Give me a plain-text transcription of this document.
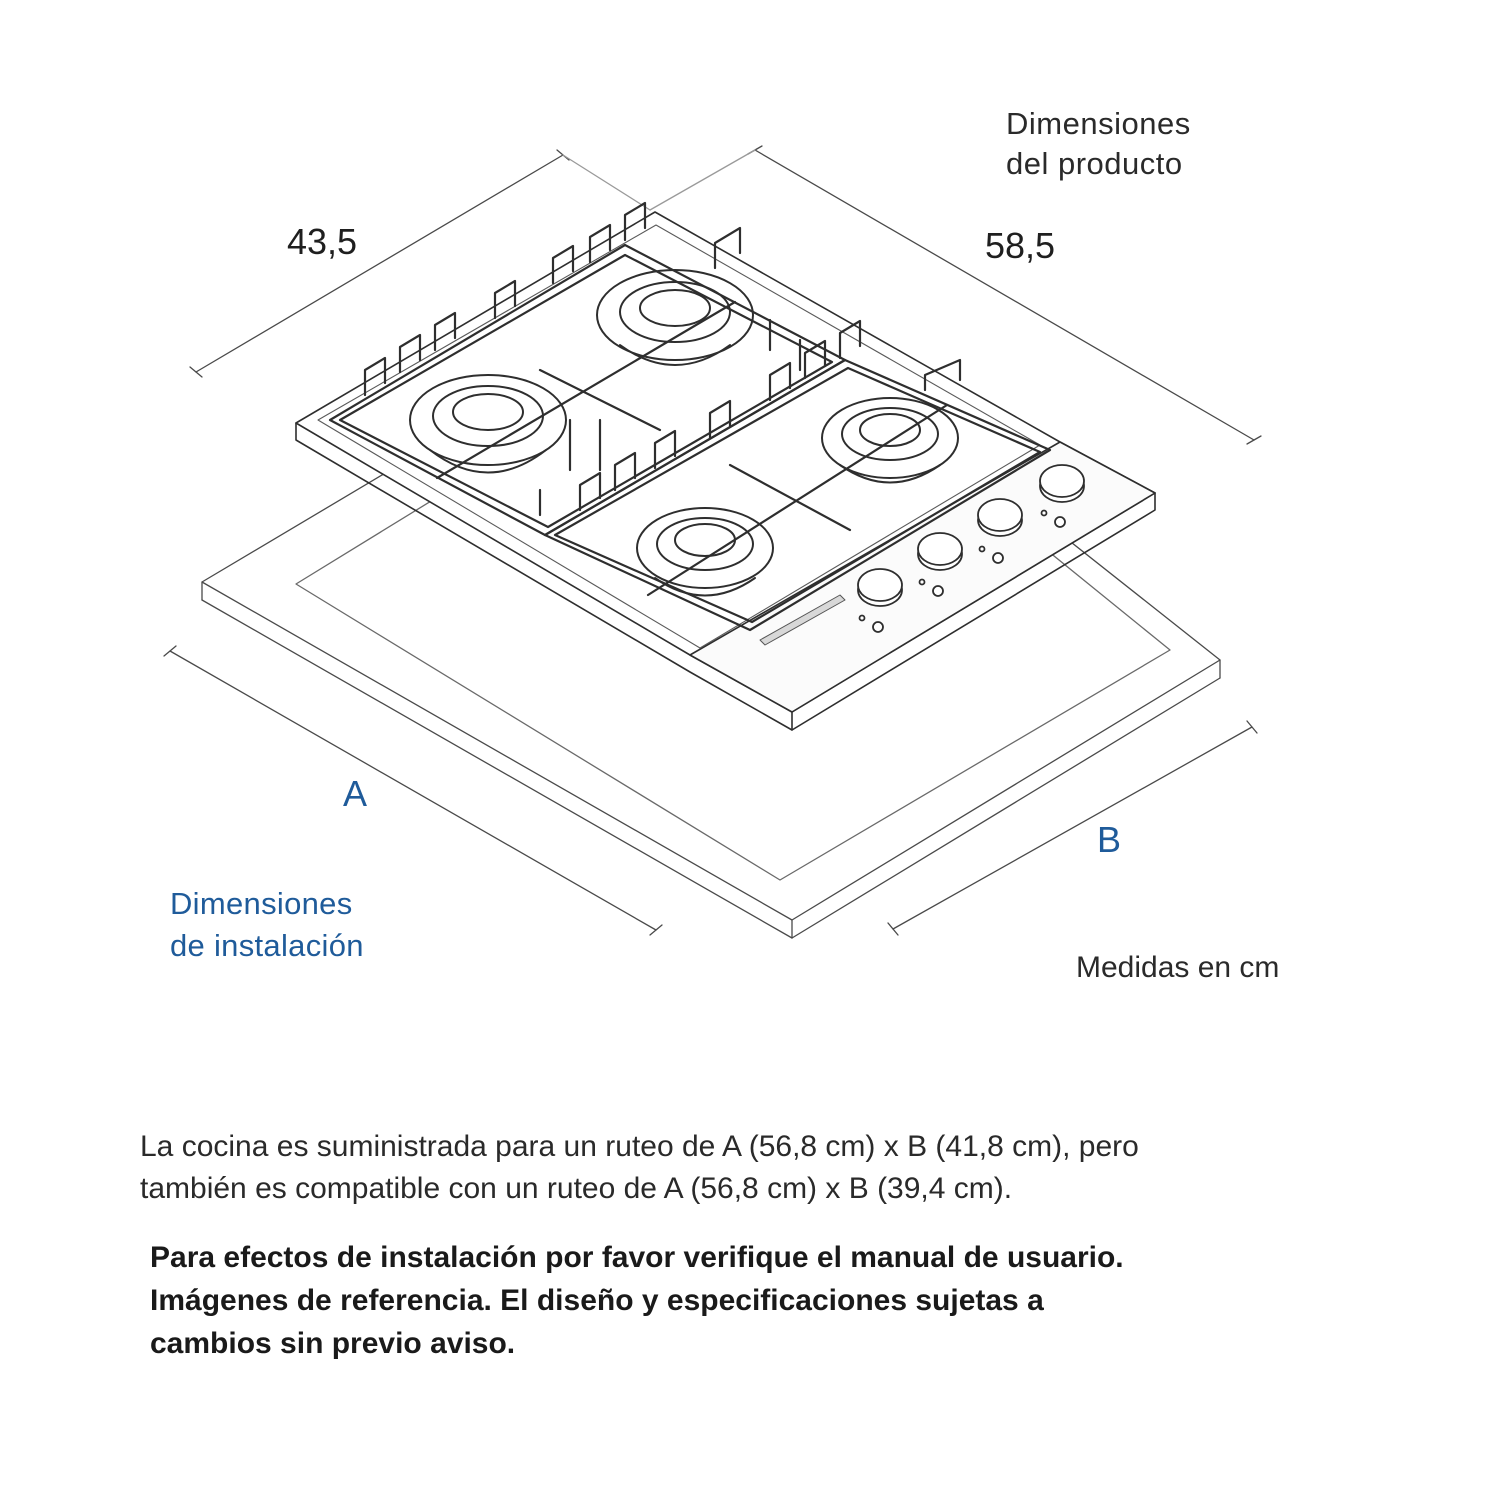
Dimensiones
del producto
43,5	58,5
A
B
Dimensiones
de instalación
Medidas en cm
La cocina es suministrada para un ruteo de A (56,8 cm) x B (41,8 cm), pero
también es compatible con un ruteo de A (56,8 cm) x B (39,4 cm).
Para efectos de instalación por favor verifique el manual de usuario.
Imágenes de referencia. El diseño y especificaciones sujetas a
cambios sin previo aviso.
